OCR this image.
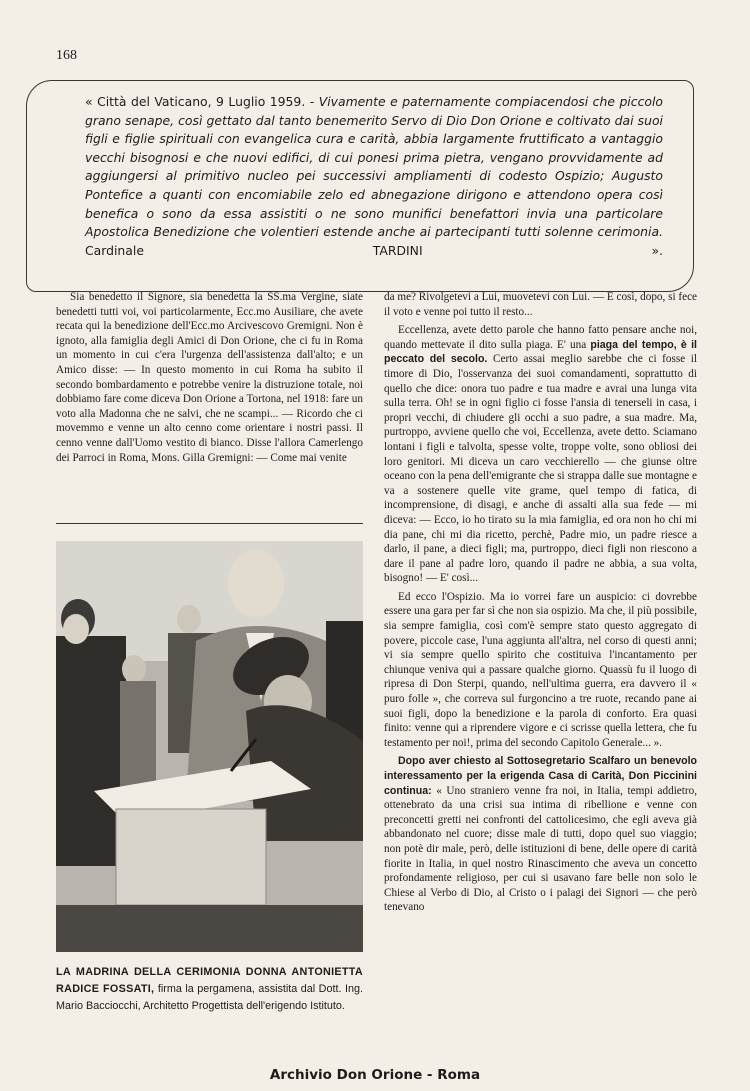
168

« Città del Vaticano, 9 Luglio 1959. - Vivamente e paternamente compiacendosi che piccolo grano senape, così gettato dal tanto benemerito Servo di Dio Don Orione e coltivato dai suoi figli e figlie spirituali con evangelica cura e carità, abbia largamente fruttificato a vantaggio vecchi bisognosi e che nuovi edifici, di cui ponesi prima pietra, vengano provvidamente ad aggiungersi al primitivo nucleo pei successivi ampliamenti di codesto Ospizio; Augusto Pontefice a quanti con encomiabile zelo ed abnegazione dirigono e attendono opera così benefica o sono da essa assistiti o ne sono munifici benefattori invia una particolare Apostolica Benedizione che volentieri estende anche ai partecipanti tutti solenne cerimonia. Cardinale TARDINI ».

Sia benedetto il Signore, sia benedetta la SS.ma Vergine, siate benedetti tutti voi, voi particolarmente, Ecc.mo Ausiliare, che avete recata qui la benedizione dell'Ecc.mo Arcivescovo Gremigni. Non è ignoto, alla famiglia degli Amici di Don Orione, che ci fu in Roma un momento in cui c'era l'urgenza dell'assistenza dall'alto; e un Amico disse: — In questo momento in cui Roma ha subito il secondo bombardamento e potrebbe venire la distruzione totale, noi dobbiamo fare come diceva Don Orione a Tortona, nel 1918: fare un voto alla Madonna che ne salvi, che ne scampi... — Ricordo che ci movemmo e venne un alto cenno come orientare i nostri passi. Il cenno venne dall'Uomo vestito di bianco. Disse l'allora Camerlengo dei Parroci in Roma, Mons. Gilla Gremigni: — Come mai venite

LA MADRINA DELLA CERIMONIA DONNA ANTONIETTA RADICE FOSSATI, firma la pergamena, assistita dal Dott. Ing. Mario Bacciocchi, Architetto Progettista dell'erigendo Istituto.

da me? Rivolgetevi a Lui, muovetevi con Lui. — E così, dopo, si fece il voto e venne poi tutto il resto...

Eccellenza, avete detto parole che hanno fatto pensare anche noi, quando mettevate il dito sulla piaga. E' una piaga del tempo, è il peccato del secolo. Certo assai meglio sarebbe che ci fosse il timore di Dio, l'osservanza dei suoi comandamenti, soprattutto di quello che dice: onora tuo padre e tua madre e avrai una lunga vita sulla terra. Oh! se in ogni figlio ci fosse l'ansia di tenerseli in casa, i propri vecchi, di chiudere gli occhi a suo padre, a sua madre. Ma, purtroppo, avviene quello che voi, Eccellenza, avete detto. Sciamano lontani i figli e talvolta, spesse volte, troppe volte, sono obliosi dei loro genitori. Mi diceva un caro vecchierello — che giunse oltre oceano con la pena dell'emigrante che si strappa dalle sue montagne e va a sostenere quelle vite grame, quel tempo di fatica, di incomprensione, di disagi, e anche di assalti alla sua fede — mi diceva: — Ecco, io ho tirato su la mia famiglia, ed ora non ho chi mi dia pane, chi mi dia ricetto, perchè, Padre mio, un padre riesce a darlo, il pane, a dieci figli; ma, purtroppo, dieci figli non riescono a dare il pane al padre loro, quando il padre ne abbia, a sua volta, bisogno! — E' così...

Ed ecco l'Ospizio. Ma io vorrei fare un auspicio: ci dovrebbe essere una gara per far sì che non sia ospizio. Ma che, il più possibile, sia sempre famiglia, così com'è sempre stato questo aggregato di povere, piccole case, l'una aggiunta all'altra, nel corso di questi anni; vi sia sempre quello spirito che costituiva l'incantamento per chiunque veniva qui a passare qualche giorno. Quassù fu il luogo di ripresa di Don Sterpi, quando, nell'ultima guerra, era davvero il « puro folle », che correva sul furgoncino a tre ruote, recando pane ai suoi figli, dopo la benedizione e la parola di conforto. Era quasi finito: venne qui a riprendere vigore e ci scrisse quella lettera, che fu testamento per noi!, prima del secondo Capitolo Generale... ».

Dopo aver chiesto al Sottosegretario Scalfaro un benevolo interessamento per la erigenda Casa di Carità, Don Piccinini continua: « Uno straniero venne fra noi, in Italia, tempi addietro, ottenebrato da una crisi sua intima di ribellione e venne con preconcetti gretti nei confronti del cattolicesimo, che egli aveva già abbandonato nel cuore; disse male di tutti, dopo quel suo viaggio; non potè dir male, però, delle istituzioni di bene, delle opere di carità fiorite in Italia, in quel nostro Rinascimento che aveva un concetto profondamente religioso, per cui si usavano fare belle non solo le Chiese al Verbo di Dio, al Cristo o i palagi dei Signori — che però tenevano

Archivio Don Orione - Roma
